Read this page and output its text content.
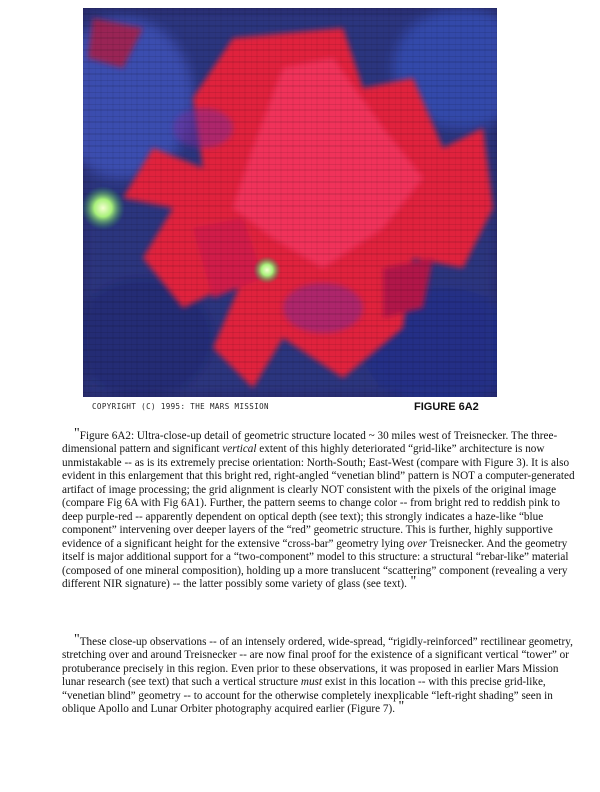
COPYRIGHT (C) 1995: THE MARS MISSION	FIGURE 6A2

"Figure 6A2: Ultra-close-up detail of geometric structure located ~ 30 miles west of Treisnecker. The three-dimensional pattern and significant vertical extent of this highly deteriorated “grid-like” architecture is now unmistakable -- as is its extremely precise orientation: North-South; East-West (compare with Figure 3). It is also evident in this enlargement that this bright red, right-angled “venetian blind” pattern is NOT a computer-generated artifact of image processing; the grid alignment is clearly NOT consistent with the pixels of the original image (compare Fig 6A with Fig 6A1). Further, the pattern seems to change color -- from bright red to reddish pink to deep purple-red -- apparently dependent on optical depth (see text); this strongly indicates a haze-like “blue component” intervening over deeper layers of the “red” geometric structure. This is further, highly supportive evidence of a significant height for the extensive “cross-bar” geometry lying over Treisnecker. And the geometry itself is major additional support for a “two-component” model to this structure: a structural “rebar-like” material (composed of one mineral composition), holding up a more translucent “scattering” component (revealing a very different NIR signature) -- the latter possibly some variety of glass (see text). "

"These close-up observations -- of an intensely ordered, wide-spread, “rigidly-reinforced” rectilinear geometry, stretching over and around Treisnecker -- are now final proof for the existence of a significant vertical “tower” or protuberance precisely in this region. Even prior to these observations, it was proposed in earlier Mars Mission lunar research (see text) that such a vertical structure must exist in this location -- with this precise grid-like, “venetian blind” geometry -- to account for the otherwise completely inexplicable “left-right shading” seen in oblique Apollo and Lunar Orbiter photography acquired earlier (Figure 7). "
